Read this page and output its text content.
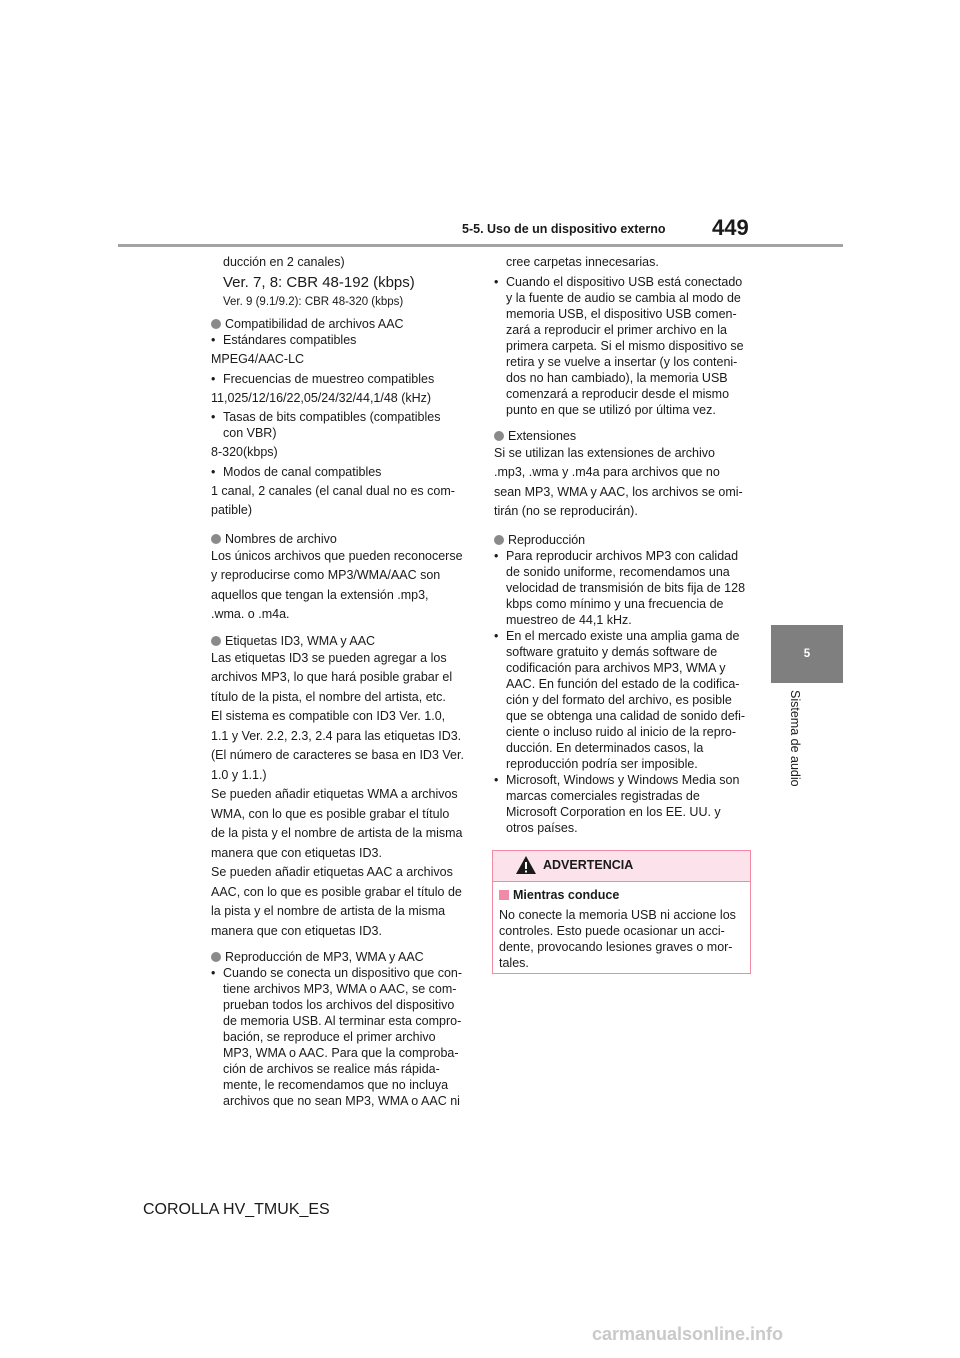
5-5. Uso de un dispositivo externo 449
5
Sistema de audio

ducción en 2 canales)

Ver. 7, 8: CBR 48-192 (kbps)

Ver. 9 (9.1/9.2): CBR 48-320 (kbps)

Compatibilidad de archivos AAC
• Estándares compatibles

MPEG4/AAC-LC

• Frecuencias de muestreo compatibles

11,025/12/16/22,05/24/32/44,1/48 (kHz)

• Tasas de bits compatibles (compatibles
con VBR)

8-320(kbps)

• Modos de canal compatibles

1 canal, 2 canales (el canal dual no es com-

patible)

Nombres de archivo
Los únicos archivos que pueden reconocerse
y reproducirse como MP3/WMA/AAC son
aquellos que tengan la extensión .mp3,
.wma. o .m4a.
Etiquetas ID3, WMA y AAC
Las etiquetas ID3 se pueden agregar a los
archivos MP3, lo que hará posible grabar el
título de la pista, el nombre del artista, etc.
El sistema es compatible con ID3 Ver. 1.0,
1.1 y Ver. 2.2, 2.3, 2.4 para las etiquetas ID3.
(El número de caracteres se basa en ID3 Ver.
1.0 y 1.1.)
Se pueden añadir etiquetas WMA a archivos
WMA, con lo que es posible grabar el título
de la pista y el nombre de artista de la misma
manera que con etiquetas ID3.
Se pueden añadir etiquetas AAC a archivos
AAC, con lo que es posible grabar el título de
la pista y el nombre de artista de la misma
manera que con etiquetas ID3.
Reproducción de MP3, WMA y AAC
• Cuando se conecta un dispositivo que con-
tiene archivos MP3, WMA o AAC, se com-
prueban todos los archivos del dispositivo
de memoria USB. Al terminar esta compro-
bación, se reproduce el primer archivo
MP3, WMA o AAC. Para que la comproba-
ción de archivos se realice más rápida-
mente, le recomendamos que no incluya
archivos que no sean MP3, WMA o AAC ni

cree carpetas innecesarias.

• Cuando el dispositivo USB está conectado
y la fuente de audio se cambia al modo de
memoria USB, el dispositivo USB comen-
zará a reproducir el primer archivo en la
primera carpeta. Si el mismo dispositivo se
retira y se vuelve a insertar (y los conteni-
dos no han cambiado), la memoria USB
comenzará a reproducir desde el mismo
punto en que se utilizó por última vez.
Extensiones
Si se utilizan las extensiones de archivo
.mp3, .wma y .m4a para archivos que no
sean MP3, WMA y AAC, los archivos se omi-
tirán (no se reproducirán).
Reproducción
• Para reproducir archivos MP3 con calidad
de sonido uniforme, recomendamos una
velocidad de transmisión de bits fija de 128
kbps como mínimo y una frecuencia de
muestreo de 44,1 kHz.
• En el mercado existe una amplia gama de
software gratuito y demás software de
codificación para archivos MP3, WMA y
AAC. En función del estado de la codifica-
ción y del formato del archivo, es posible
que se obtenga una calidad de sonido defi-
ciente o incluso ruido al inicio de la repro-
ducción. En determinados casos, la
reproducción podría ser imposible.
• Microsoft, Windows y Windows Media son
marcas comerciales registradas de
Microsoft Corporation en los EE. UU. y
otros países.
ADVERTENCIA
Mientras conduce
No conecte la memoria USB ni accione los
controles. Esto puede ocasionar un acci-
dente, provocando lesiones graves o mor-
tales.
COROLLA HV_TMUK_ES
carmanualsonline.info
